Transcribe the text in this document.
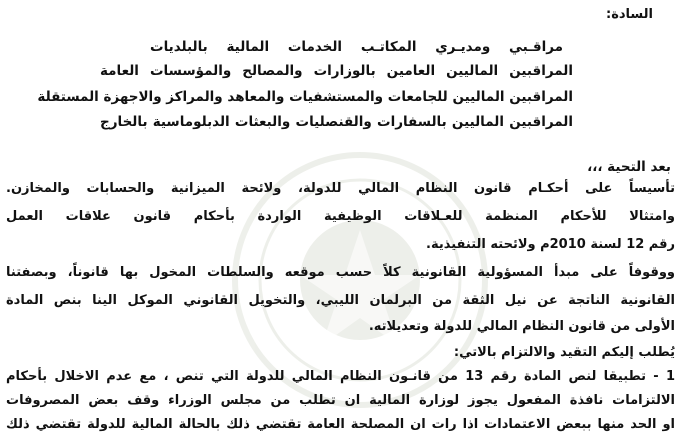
السادة:
مراقـبي ومديـري المكاتـب الخدمات المالية بالبلديات
المراقبين الماليين العامين بالوزارات والمصالح والمؤسسات العامة
المراقبين الماليين للجامعات والمستشفيات والمعاهد والمراكز والاجهزة المستقلة
المراقبين الماليين بالسفارات والقنصليات والبعثات الدبلوماسية بالخارج
بعد التحية ،،،
تأسيساً على أحكـام قانون النظام المالي للدولة، ولائحة الميزانية والحسابات والمخازن.
وامتثالا للأحكام المنظمة للعـلاقات الوظيفية الواردة بأحكام قانون علاقات العمل
رقم 12 لسنة 2010م ولائحته التنفيذية.
ووقوفاً على مبدأ المسؤولية القانونية كلاً حسب موقعه والسلطات المخول بها قانوناً، وبصفتنا
القانونية الناتجة عن نيل الثقة من البرلمان الليبي، والتخويل القانوني الموكل الينا بنص المادة
الأولى من قانون النظام المالي للدولة وتعديلاته.
يُطلب إليكم التقيد والالتزام بالاتي:
1 - تطبيقا لنص المادة رقم 13 من قانـون النظام المالي للدولة التي تنص ، مع عدم الاخلال بأحكام
الالتزامات نافذة المفعول يجوز لوزارة المالية ان تطلب من مجلس الوزراء وقف بعض المصروفات
او الحد منها ببعض الاعتمادات اذا رات ان المصلحة العامة تقتضي ذلك بالحالة المالية للدولة تقتضي ذلك
